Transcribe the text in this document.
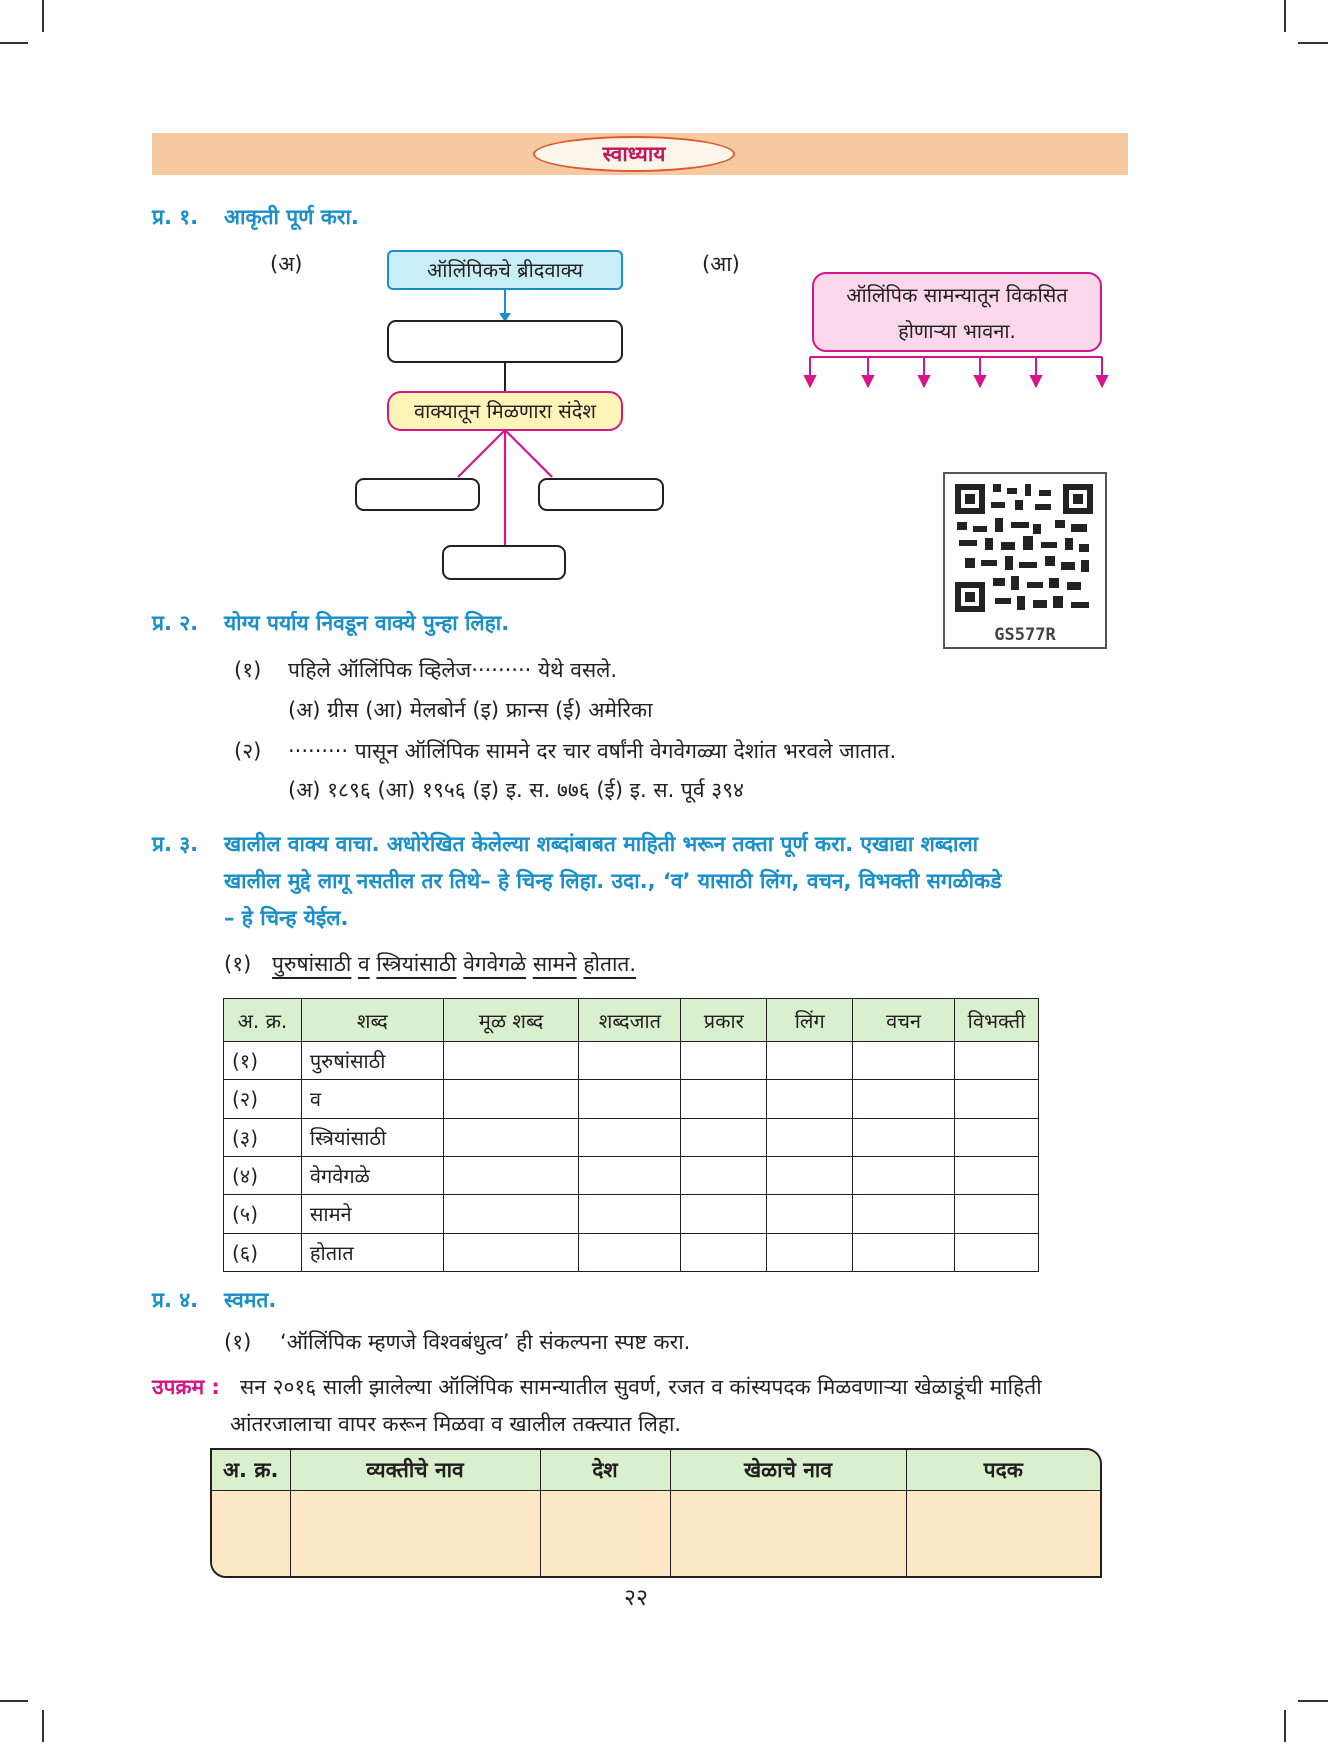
स्वाध्याय
प्र. १. आकृती पूर्ण करा.
(अ)	(आ)
ऑलिंपिकचे ब्रीदवाक्य
वाक्यातून मिळणारा संदेश
ऑलिंपिक सामन्यातून विकसित
होणाऱ्या भावना.
GS577R
प्र. २. योग्य पर्याय निवडून वाक्ये पुन्हा लिहा.
(१) पहिले ऑलिंपिक व्हिलेज········· येथे वसले.
(अ) ग्रीस (आ) मेलबोर्न (इ) फ्रान्स (ई) अमेरिका
(२) ········· पासून ऑलिंपिक सामने दर चार वर्षांनी वेगवेगळ्या देशांत भरवले जातात.
(अ) १८९६ (आ) १९५६ (इ) इ. स. ७७६ (ई) इ. स. पूर्व ३९४
प्र. ३. खालील वाक्य वाचा. अधोरेखित केलेल्या शब्दांबाबत माहिती भरून तक्ता पूर्ण करा. एखाद्या शब्दाला
खालील मुद्दे लागू नसतील तर तिथे– हे चिन्ह लिहा. उदा., ‘व’ यासाठी लिंग, वचन, विभक्ती सगळीकडे
– हे चिन्ह येईल.
(१) पुरुषांसाठी व स्त्रियांसाठी वेगवेगळे सामने होतात.
अ. क्र.	शब्द	मूळ शब्द	शब्दजात	प्रकार	लिंग	वचन	विभक्ती
(१)	पुरुषांसाठी						
(२)	व						
(३)	स्त्रियांसाठी						
(४)	वेगवेगळे						
(५)	सामने						
(६)	होतात						
प्र. ४. स्वमत.
(१) ‘ऑलिंपिक म्हणजे विश्वबंधुत्व’ ही संकल्पना स्पष्ट करा.
उपक्रम : सन २०१६ साली झालेल्या ऑलिंपिक सामन्यातील सुवर्ण, रजत व कांस्यपदक मिळवणाऱ्या खेळाडूंची माहिती
आंतरजालाचा वापर करून मिळवा व खालील तक्त्यात लिहा.
अ. क्र.	व्यक्तीचे नाव	देश	खेळाचे नाव	पदक

२२
